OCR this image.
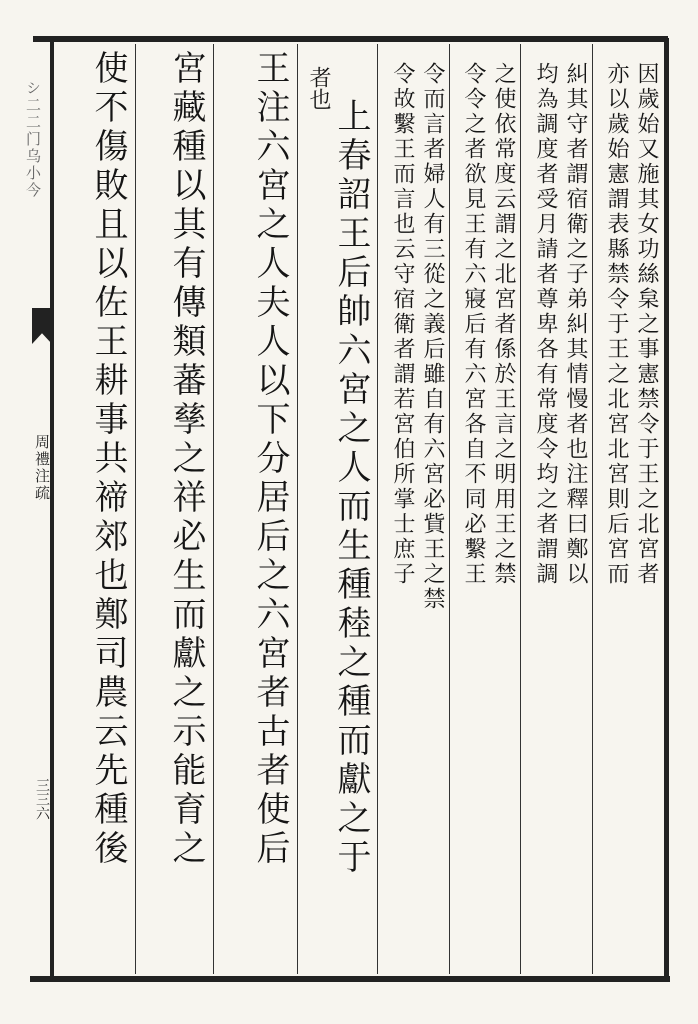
シ二二门乌小今
周禮注疏
三三六
因歲始又施其女功絲枲之事憲禁令于王之北宮者
亦以歲始憲謂表縣禁令于王之北宮北宮則后宮而
糾其守者謂宿衛之子弟糾其情慢者也注釋曰鄭以
均為調度者受月請者尊卑各有常度令均之者謂調
之使依常度云謂之北宮者係於王言之明用王之禁
令令之者欲見王有六寢后有六宮各自不同必繫王
令而言者婦人有三從之義后雖自有六宮必貲王之禁
令故繫王而言也云守宿衛者謂若宮伯所掌士庶子
上春詔王后帥六宮之人而生種稑之種而獻之于
者也
王注六宮之人夫人以下分居后之六宮者古者使后
宮藏種以其有傳類蕃孳之祥必生而獻之示能育之
使不傷敗且以佐王耕事共禘郊也鄭司農云先種後
